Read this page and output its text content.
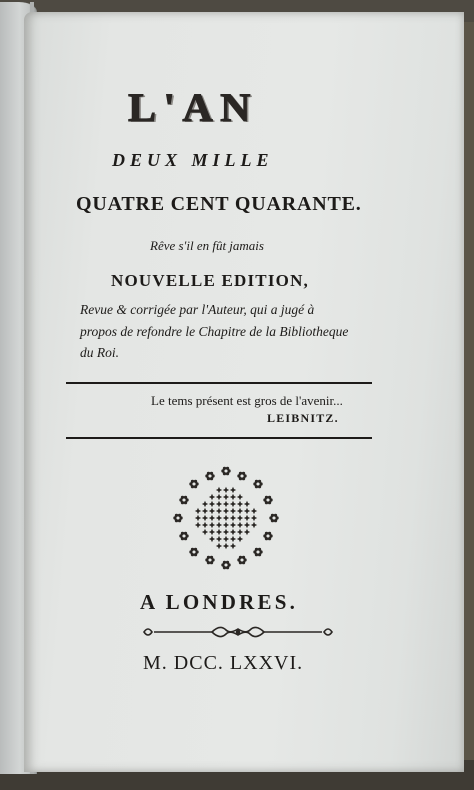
L'AN
DEUX MILLE
QUATRE CENT QUARANTE.
Rêve s'il en fût jamais
NOUVELLE EDITION,
Revue & corrigée par l'Auteur, qui a jugé à
propos de refondre le Chapitre de la Bibliotheque
du Roi.
Le tems présent est gros de l'avenir...
LEIBNITZ.
A LONDRES.
M. DCC. LXXVI.
